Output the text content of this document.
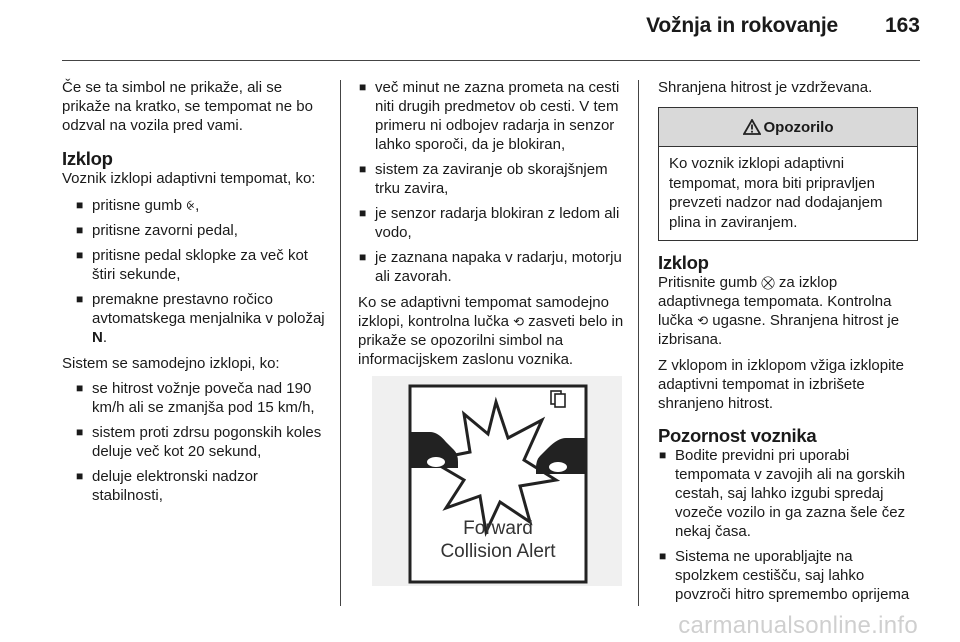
Vožnja in rokovanje 163

Če se ta simbol ne prikaže, ali se prikaže na kratko, se tempomat ne bo odzval na vozila pred vami.

Izklop

Voznik izklopi adaptivni tempomat, ko:

■ pritisne gumb ⨴,
■ pritisne zavorni pedal,
■ pritisne pedal sklopke za več kot štiri sekunde,
■ premakne prestavno ročico avtomatskega menjalnika v položaj
N.

Sistem se samodejno izklopi, ko:

■ se hitrost vožnje poveča nad 190 km/h ali se zmanjša pod 15 km/h,
■ sistem proti zdrsu pogonskih koles deluje več kot 20 sekund,
■ deluje elektronski nadzor stabilnosti,
■ več minut ne zazna prometa na cesti niti drugih predmetov ob cesti. V tem primeru ni odbojev radarja in senzor lahko sporoči, da je blokiran,
■ sistem za zaviranje ob skorajšnjem trku zavira,
■ je senzor radarja blokiran z ledom ali vodo,
■ je zaznana napaka v radarju, motorju ali zavorah.

Ko se adaptivni tempomat samodejno izklopi, kontrolna lučka ⟲ zasveti belo in prikaže se opozorilni simbol na informacijskem zaslonu voznika.

Forward
Collision Alert

Shranjena hitrost je vzdrževana.

Opozorilo
Ko voznik izklopi adaptivni tempomat, mora biti pripravljen prevzeti nadzor nad dodajanjem plina in zaviranjem.
Izklop

Pritisnite gumb ⛒ za izklop adaptivnega tempomata. Kontrolna lučka ⟲ ugasne. Shranjena hitrost je izbrisana.

Z vklopom in izklopom vžiga izklopite adaptivni tempomat in izbrišete shranjeno hitrost.

Pozornost voznika
■ Bodite previdni pri uporabi tempomata v zavojih ali na gorskih cestah, saj lahko izgubi spredaj vozeče vozilo in ga zazna šele čez nekaj časa.
■ Sistema ne uporabljajte na spolzkem cestišču, saj lahko povzroči hitro spremembo oprijema
carmanualsonline.info
